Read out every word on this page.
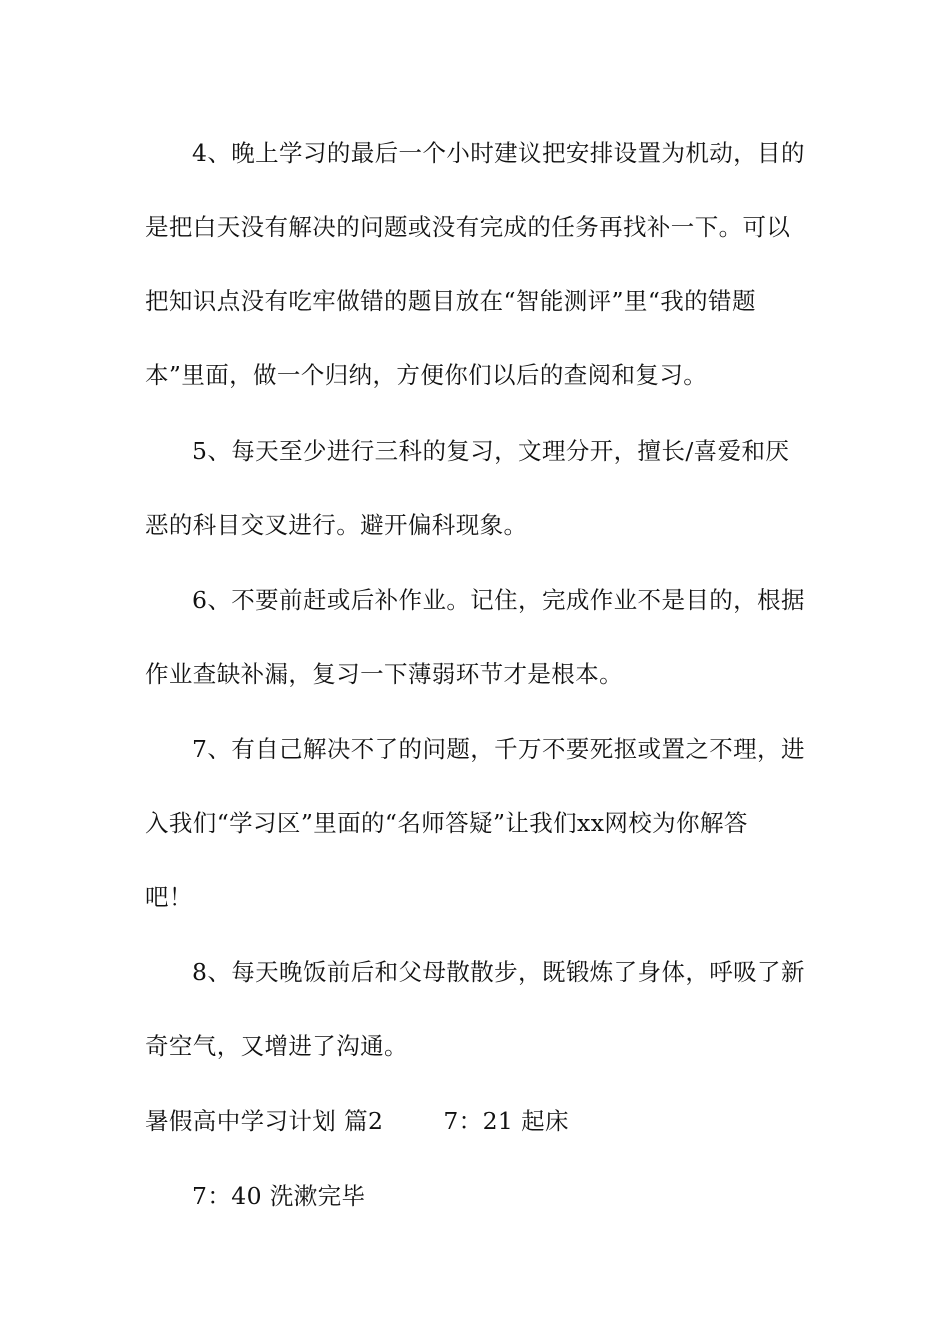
4、晚上学习的最后一个小时建议把安排设置为机动，目的
是把白天没有解决的问题或没有完成的任务再找补一下。可以
把知识点没有吃牢做错的题目放在“智能测评”里“我的错题
本”里面，做一个归纳，方便你们以后的查阅和复习。
5、每天至少进行三科的复习，文理分开，擅长/喜爱和厌
恶的科目交叉进行。避开偏科现象。
6、不要前赶或后补作业。记住，完成作业不是目的，根据
作业查缺补漏，复习一下薄弱环节才是根本。
7、有自己解决不了的问题，千万不要死抠或置之不理，进
入我们“学习区”里面的“名师答疑”让我们xx网校为你解答
吧！
8、每天晚饭前后和父母散散步，既锻炼了身体，呼吸了新
奇空气，又增进了沟通。
暑假高中学习计划 篇2	7：21 起床
7：40 洗漱完毕
